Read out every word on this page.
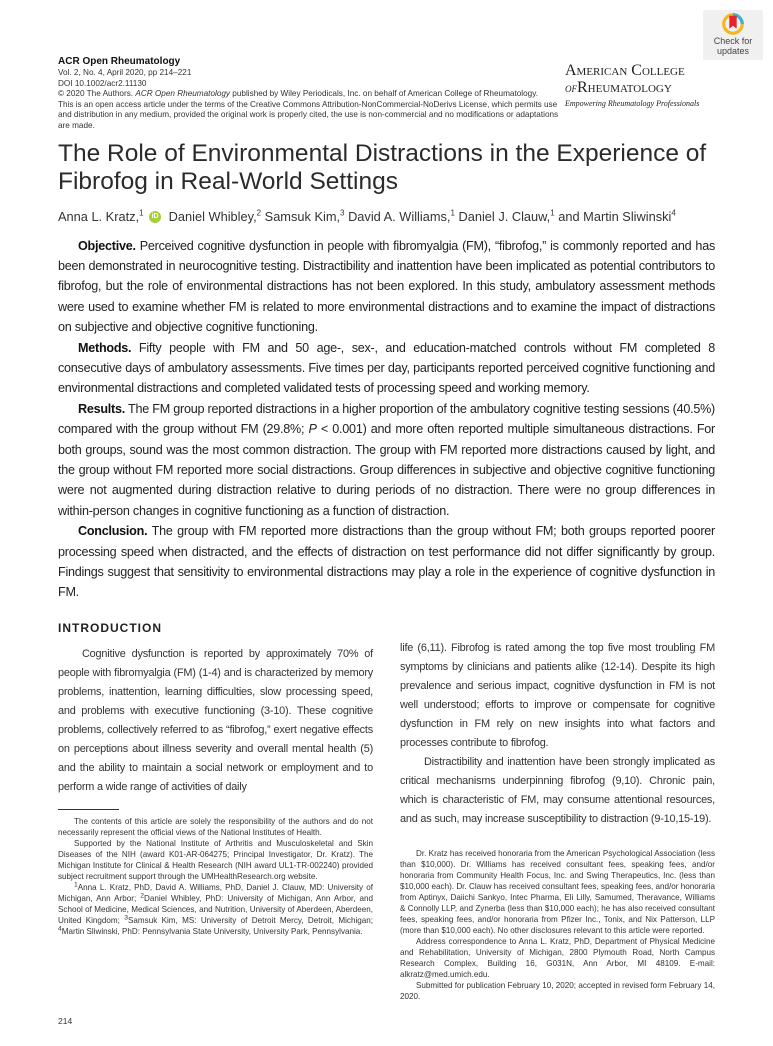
ACR Open Rheumatology
Vol. 2, No. 4, April 2020, pp 214–221
DOI 10.1002/acr2.11130
© 2020 The Authors. ACR Open Rheumatology published by Wiley Periodicals, Inc. on behalf of American College of Rheumatology.
This is an open access article under the terms of the Creative Commons Attribution-NonCommercial-NoDerivs License, which permits use and distribution in any medium, provided the original work is properly cited, the use is non-commercial and no modifications or adaptations are made.
Check for
updates
American College
ofRheumatology
Empowering Rheumatology Professionals
The Role of Environmental Distractions in the Experience of Fibrofog in Real-World Settings
Anna L. Kratz,$^1$ iD Daniel Whibley,$^2$ Samsuk Kim,$^3$ David A. Williams,$^1$ Daniel J. Clauw,$^1$ and Martin Sliwinski$^4$

Objective. Perceived cognitive dysfunction in people with fibromyalgia (FM), “fibrofog,” is commonly reported and has been demonstrated in neurocognitive testing. Distractibility and inattention have been implicated as potential contributors to fibrofog, but the role of environmental distractions has not been explored. In this study, ambulatory assessment methods were used to examine whether FM is related to more environmental distractions and to examine the impact of distractions on subjective and objective cognitive functioning.

Methods. Fifty people with FM and 50 age-, sex-, and education-matched controls without FM completed 8 consecutive days of ambulatory assessments. Five times per day, participants reported perceived cognitive functioning and environmental distractions and completed validated tests of processing speed and working memory.

Results. The FM group reported distractions in a higher proportion of the ambulatory cognitive testing sessions (40.5%) compared with the group without FM (29.8%; P < 0.001) and more often reported multiple simultaneous distractions. For both groups, sound was the most common distraction. The group with FM reported more distractions caused by light, and the group without FM reported more social distractions. Group differences in subjective and objective cognitive functioning were not augmented during distraction relative to during periods of no distraction. There were no group differences in within-person changes in cognitive functioning as a function of distraction.

Conclusion. The group with FM reported more distractions than the group without FM; both groups reported poorer processing speed when distracted, and the effects of distraction on test performance did not differ significantly by group. Findings suggest that sensitivity to environmental distractions may play a role in the experience of cognitive dysfunction in FM.

INTRODUCTION

Cognitive dysfunction is reported by approximately 70% of people with fibromyalgia (FM) (1-4) and is characterized by memory problems, inattention, learning difficulties, slow processing speed, and problems with executive functioning (3-10). These cognitive problems, collectively referred to as “fibrofog,” exert negative effects on perceptions about illness severity and overall mental health (5) and the ability to maintain a social network or employment and to perform a wide range of activities of daily

The contents of this article are solely the responsibility of the authors and do not necessarily represent the official views of the National Institutes of Health.

Supported by the National Institute of Arthritis and Musculoskeletal and Skin Diseases of the NIH (award K01-AR-064275; Principal Investigator, Dr. Kratz). The Michigan Institute for Clinical & Health Research (NIH award UL1-TR-002240) provided subject recruitment support through the UMHealthResearch.org website.

$^1$Anna L. Kratz, PhD, David A. Williams, PhD, Daniel J. Clauw, MD: University of Michigan, Ann Arbor; $^2$Daniel Whibley, PhD: University of Michigan, Ann Arbor, and School of Medicine, Medical Sciences, and Nutrition, University of Aberdeen, Aberdeen, United Kingdom; $^3$Samsuk Kim, MS: University of Detroit Mercy, Detroit, Michigan; $^4$Martin Sliwinski, PhD: Pennsylvania State University, University Park, Pennsylvania.

life (6,11). Fibrofog is rated among the top five most troubling FM symptoms by clinicians and patients alike (12-14). Despite its high prevalence and serious impact, cognitive dysfunction in FM is not well understood; efforts to improve or compensate for cognitive dysfunction in FM rely on new insights into what factors and processes contribute to fibrofog.

Distractibility and inattention have been strongly implicated as critical mechanisms underpinning fibrofog (9,10). Chronic pain, which is characteristic of FM, may consume attentional resources, and as such, may increase susceptibility to distraction (9-10,15-19).

Dr. Kratz has received honoraria from the American Psychological Association (less than $10,000). Dr. Williams has received consultant fees, speaking fees, and/or honoraria from Community Health Focus, Inc. and Swing Therapeutics, Inc. (less than $10,000 each). Dr. Clauw has received consultant fees, speaking fees, and/or honoraria from Aptinyx, Daiichi Sankyo, Intec Pharma, Eli Lilly, Samumed, Theravance, Williams & Connolly LLP, and Zynerba (less than $10,000 each); he has also received consultant fees, speaking fees, and/or honoraria from Pfizer Inc., Tonix, and Nix Patterson, LLP (more than $10,000 each). No other disclosures relevant to this article were reported.

Address correspondence to Anna L. Kratz, PhD, Department of Physical Medicine and Rehabilitation, University of Michigan, 2800 Plymouth Road, North Campus Research Complex, Building 16, G031N, Ann Arbor, MI 48109. E-mail: alkratz@med.umich.edu.

Submitted for publication February 10, 2020; accepted in revised form February 14, 2020.

214
